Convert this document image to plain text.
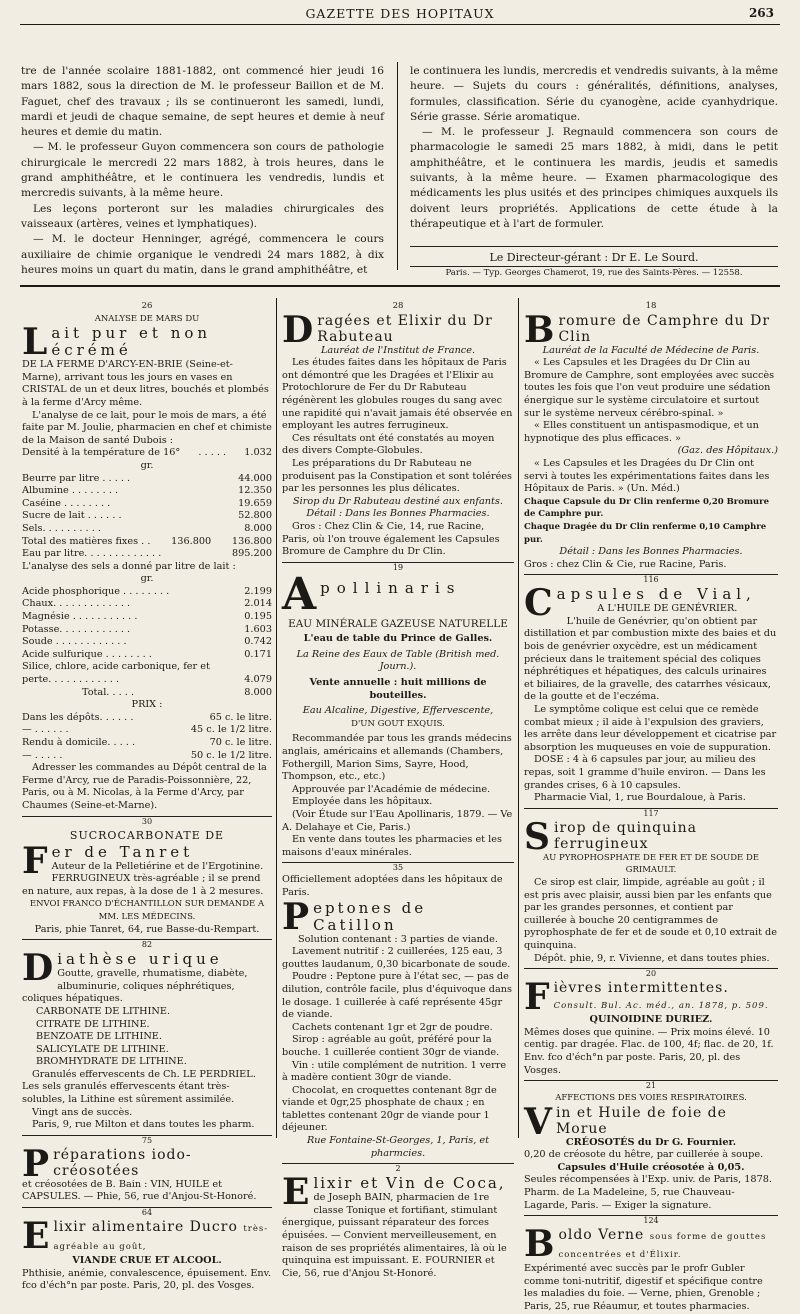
GAZETTE DES HOPITAUX	263

tre de l'année scolaire 1881-1882, ont commencé hier jeudi 16 mars 1882, sous la direction de M. le professeur Baillon et de M. Faguet, chef des travaux ; ils se continueront les samedi, lundi, mardi et jeudi de chaque semaine, de sept heures et demie à neuf heures et demie du matin.

— M. le professeur Guyon commencera son cours de pathologie chirurgicale le mercredi 22 mars 1882, à trois heures, dans le grand amphithéâtre, et le continuera les vendredis, lundis et mercredis suivants, à la même heure.

Les leçons porteront sur les maladies chirurgicales des vaisseaux (artères, veines et lymphatiques).

— M. le docteur Henninger, agrégé, commencera le cours auxiliaire de chimie organique le vendredi 24 mars 1882, à dix heures moins un quart du matin, dans le grand amphithéâtre, et

le continuera les lundis, mercredis et vendredis suivants, à la même heure. — Sujets du cours : généralités, définitions, analyses, formules, classification. Série du cyanogène, acide cyanhydrique. Série grasse. Série aromatique.

— M. le professeur J. Regnauld commencera son cours de pharmacologie le samedi 25 mars 1882, à midi, dans le petit amphithéâtre, et le continuera les mardis, jeudis et samedis suivants, à la même heure. — Examen pharmacologique des médicaments les plus usités et des principes chimiques auxquels ils doivent leurs propriétés. Applications de cette étude à la thérapeutique et à l'art de formuler.

Le Directeur-gérant : Dr E. Le Sourd.
Paris. — Typ. Georges Chamerot, 19, rue des Saints-Pères. — 12558.
26
ANALYSE DE MARS DU
L ait pur et non écrémé

DE LA FERME D'ARCY-EN-BRIE (Seine-et-Marne), arrivant tous les jours en vases en CRISTAL de un et deux litres, bouchés et plombés à la ferme d'Arcy même.

L'analyse de ce lait, pour le mois de mars, a été faite par M. Joulie, pharmacien en chef et chimiste de la Maison de santé Dubois :

Densité à la température de 16° . . . . . 1.032
gr.
Beurre par litre . . . . .	44.000
Albumine . . . . . . . .	12.350
Caséine . . . . . . . .	19.659
Sucre de lait . . . . . .	52.800
Sels. . . . . . . . . .	8.000
Total des matières fixes . . 136.800 136.800
Eau par litre. . . . . . . . . . . . .	895.200

L'analyse des sels a donné par litre de lait :

gr.
Acide phosphorique . . . . . . . .	2.199
Chaux. . . . . . . . . . . . .	2.014
Magnésie . . . . . . . . . . .	0.195
Potasse. . . . . . . . . . . .	1.603
Soude . . . . . . . . . . . .	0.742
Acide sulfurique . . . . . . . .	0.171
Silice, chlore, acide carbonique, fer et perte. . . . . . . . . . . .	4.079
Total. . . . .	8.000
PRIX :
Dans les dépôts. . . . . .	65 c. le litre.
— . . . . . .	45 c. le 1/2 litre.
Rendu à domicile. . . . .	70 c. le litre.
— . . . . .	50 c. le 1/2 litre.

Adresser les commandes au Dépôt central de la Ferme d'Arcy, rue de Paradis-Poissonnière, 22, Paris, ou à M. Nicolas, à la Ferme d'Arcy, par Chaumes (Seine-et-Marne).

30
SUCROCARBONATE DE
F er de Tanret

Auteur de la Pelletiérine et de l'Ergotinine. FERRUGINEUX très-agréable ; il se prend en nature, aux repas, à la dose de 1 à 2 mesures.

ENVOI FRANCO D'ÉCHANTILLON SUR DEMANDE A MM. LES MÉDECINS.

Paris, phie Tanret, 64, rue Basse-du-Rempart.

82
D iathèse urique

Goutte, gravelle, rhumatisme, diabète, albuminurie, coliques néphrétiques, coliques hépatiques.

CARBONATE DE LITHINE.
CITRATE DE LITHINE.
BENZOATE DE LITHINE.
SALICYLATE DE LITHINE.
BROMHYDRATE DE LITHINE.

Granulés effervescents de Ch. LE PERDRIEL. Les sels granulés effervescents étant très-solubles, la Lithine est sûrement assimilée.

Vingt ans de succès.

Paris, 9, rue Milton et dans toutes les pharm.

75
P réparations iodo-créosotées

et créosotées de B. Bain : VIN, HUILE et CAPSULES. — Phie, 56, rue d'Anjou-St-Honoré.

64
E lixir alimentaire Ducro très-agréable au goût,

VIANDE CRUE ET ALCOOL.

Phthisie, anémie, convalescence, épuisement. Env. fco d'éch°n par poste. Paris, 20, pl. des Vosges.

28
D ragées et Elixir du Dr Rabuteau
Lauréat de l'Institut de France.

Les études faites dans les hôpitaux de Paris ont démontré que les Dragées et l'Elixir au Protochlorure de Fer du Dr Rabuteau régénèrent les globules rouges du sang avec une rapidité qui n'avait jamais été observée en employant les autres ferrugineux.

Ces résultats ont été constatés au moyen des divers Compte-Globules.

Les préparations du Dr Rabuteau ne produisent pas la Constipation et sont tolérées par les personnes les plus délicates.

Sirop du Dr Rabuteau destiné aux enfants.

Détail : Dans les Bonnes Pharmacies.

Gros : Chez Clin & Cie, 14, rue Racine, Paris, où l'on trouve également les Capsules Bromure de Camphre du Dr Clin.

19
A pollinaris

EAU MINÉRALE GAZEUSE NATURELLE

L'eau de table du Prince de Galles.

La Reine des Eaux de Table (British med. Journ.).

Vente annuelle : huit millions de bouteilles.

Eau Alcaline, Digestive, Effervescente,

D'UN GOUT EXQUIS.

Recommandée par tous les grands médecins anglais, américains et allemands (Chambers, Fothergill, Marion Sims, Sayre, Hood, Thompson, etc., etc.)

Approuvée par l'Académie de médecine.

Employée dans les hôpitaux.

(Voir Étude sur l'Eau Apollinaris, 1879. — Ve A. Delahaye et Cie, Paris.)

En vente dans toutes les pharmacies et les maisons d'eaux minérales.

35

Officiellement adoptées dans les hôpitaux de Paris.

P eptones de Catillon

Solution contenant : 3 parties de viande.

Lavement nutritif : 2 cuillerées, 125 eau, 3 gouttes laudanum, 0,30 bicarbonate de soude.

Poudre : Peptone pure à l'état sec, — pas de dilution, contrôle facile, plus d'équivoque dans le dosage. 1 cuillerée à café représente 45gr de viande.

Cachets contenant 1gr et 2gr de poudre.

Sirop : agréable au goût, préféré pour la bouche. 1 cuillerée contient 30gr de viande.

Vin : utile complément de nutrition. 1 verre à madère contient 30gr de viande.

Chocolat, en croquettes contenant 8gr de viande et 0gr,25 phosphate de chaux ; en tablettes contenant 20gr de viande pour 1 déjeuner.

Rue Fontaine-St-Georges, 1, Paris, et pharmcies.

2
E lixir et Vin de Coca,

de Joseph BAIN, pharmacien de 1re classe Tonique et fortifiant, stimulant énergique, puissant réparateur des forces épuisées. — Convient merveilleusement, en raison de ses propriétés alimentaires, là où le quinquina est impuissant. E. FOURNIER et Cie, 56, rue d'Anjou St-Honoré.

18
B romure de Camphre du Dr Clin
Lauréat de la Faculté de Médecine de Paris.

« Les Capsules et les Dragées du Dr Clin au Bromure de Camphre, sont employées avec succès toutes les fois que l'on veut produire une sédation énergique sur le système circulatoire et surtout sur le système nerveux cérébro-spinal. »

« Elles constituent un antispasmodique, et un hypnotique des plus efficaces. »

(Gaz. des Hôpitaux.)

« Les Capsules et les Dragées du Dr Clin ont servi à toutes les expérimentations faites dans les Hôpitaux de Paris. » (Un. Méd.)

Chaque Capsule du Dr Clin renferme 0,20 Bromure de Camphre pur.

Chaque Dragée du Dr Clin renferme 0,10 Camphre pur.

Détail : Dans les Bonnes Pharmacies.

Gros : chez Clin & Cie, rue Racine, Paris.

116
C apsules de Vial,
A L'HUILE DE GENÉVRIER.

L'huile de Genévrier, qu'on obtient par distillation et par combustion mixte des baies et du bois de genévrier oxycèdre, est un médicament précieux dans le traitement spécial des coliques néphrétiques et hépatiques, des calculs urinaires et biliaires, de la gravelle, des catarrhes vésicaux, de la goutte et de l'eczéma.

Le symptôme colique est celui que ce remède combat mieux ; il aide à l'expulsion des graviers, les arrête dans leur développement et cicatrise par absorption les muqueuses en voie de suppuration.

DOSE : 4 à 6 capsules par jour, au milieu des repas, soit 1 gramme d'huile environ. — Dans les grandes crises, 6 à 10 capsules.

Pharmacie Vial, 1, rue Bourdaloue, à Paris.

117
S irop de quinquina ferrugineux
AU PYROPHOSPHATE DE FER ET DE SOUDE DE GRIMAULT.

Ce sirop est clair, limpide, agréable au goût ; il est pris avec plaisir, aussi bien par les enfants que par les grandes personnes, et contient par cuillerée à bouche 20 centigrammes de pyrophosphate de fer et de soude et 0,10 extrait de quinquina.

Dépôt. phie, 9, r. Vivienne, et dans toutes phies.

20
F ièvres intermittentes. Consult. Bul. Ac. méd., an. 1878, p. 509.

QUINOIDINE DURIEZ.

Mêmes doses que quinine. — Prix moins élevé. 10 centig. par dragée. Flac. de 100, 4f; flac. de 20, 1f. Env. fco d'éch°n par poste. Paris, 20, pl. des Vosges.

21
AFFECTIONS DES VOIES RESPIRATOIRES.
V in et Huile de foie de Morue
CRÉOSOTÉS du Dr G. Fournier.

0,20 de créosote du hêtre, par cuillerée à soupe.

Capsules d'Huile créosotée à 0,05.

Seules récompensées à l'Exp. univ. de Paris, 1878. Pharm. de La Madeleine, 5, rue Chauveau-Lagarde, Paris. — Exiger la signature.

124
B oldo Verne sous forme de gouttes concentrées et d'Élixir.

Expérimenté avec succès par le profr Gubler comme toni-nutritif, digestif et spécifique contre les maladies du foie. — Verne, phien, Grenoble ; Paris, 25, rue Réaumur, et toutes pharmacies.
